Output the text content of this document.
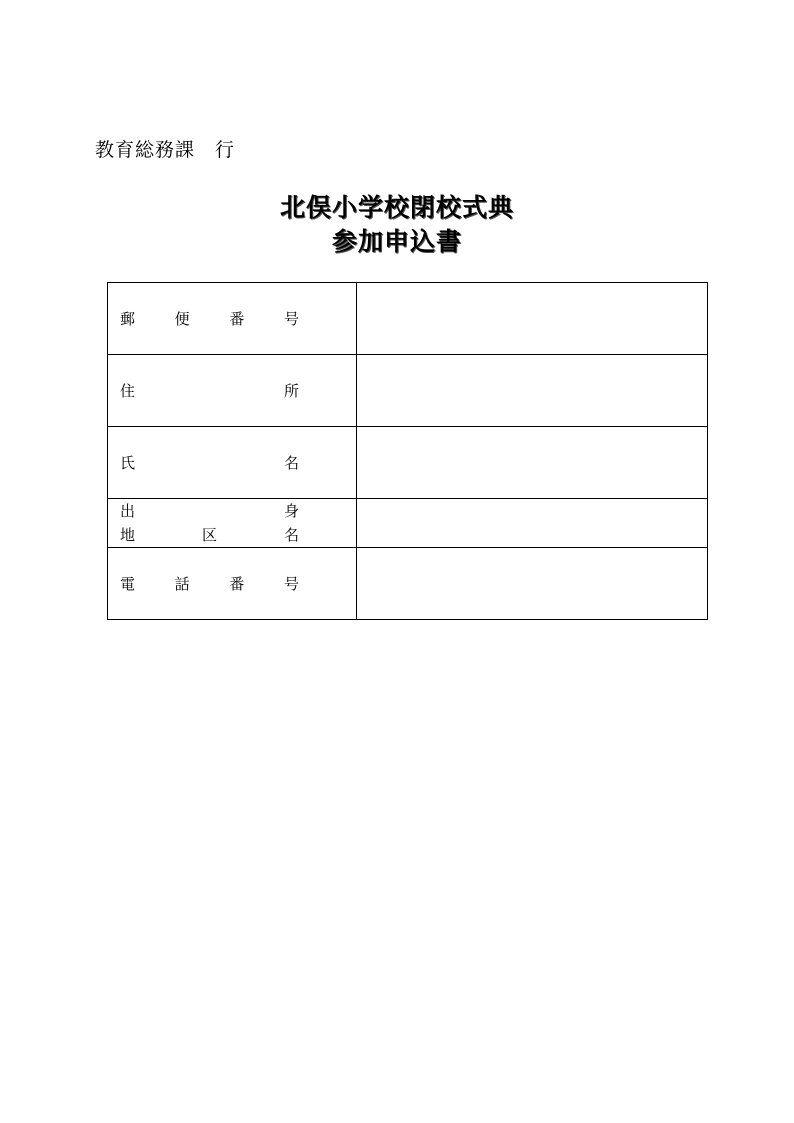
教育総務課　行
北俣小学校閉校式典
参加申込書
郵 便 番 号	

住 所	

氏 名	

出 身
地 区 名	

電 話 番 号	
